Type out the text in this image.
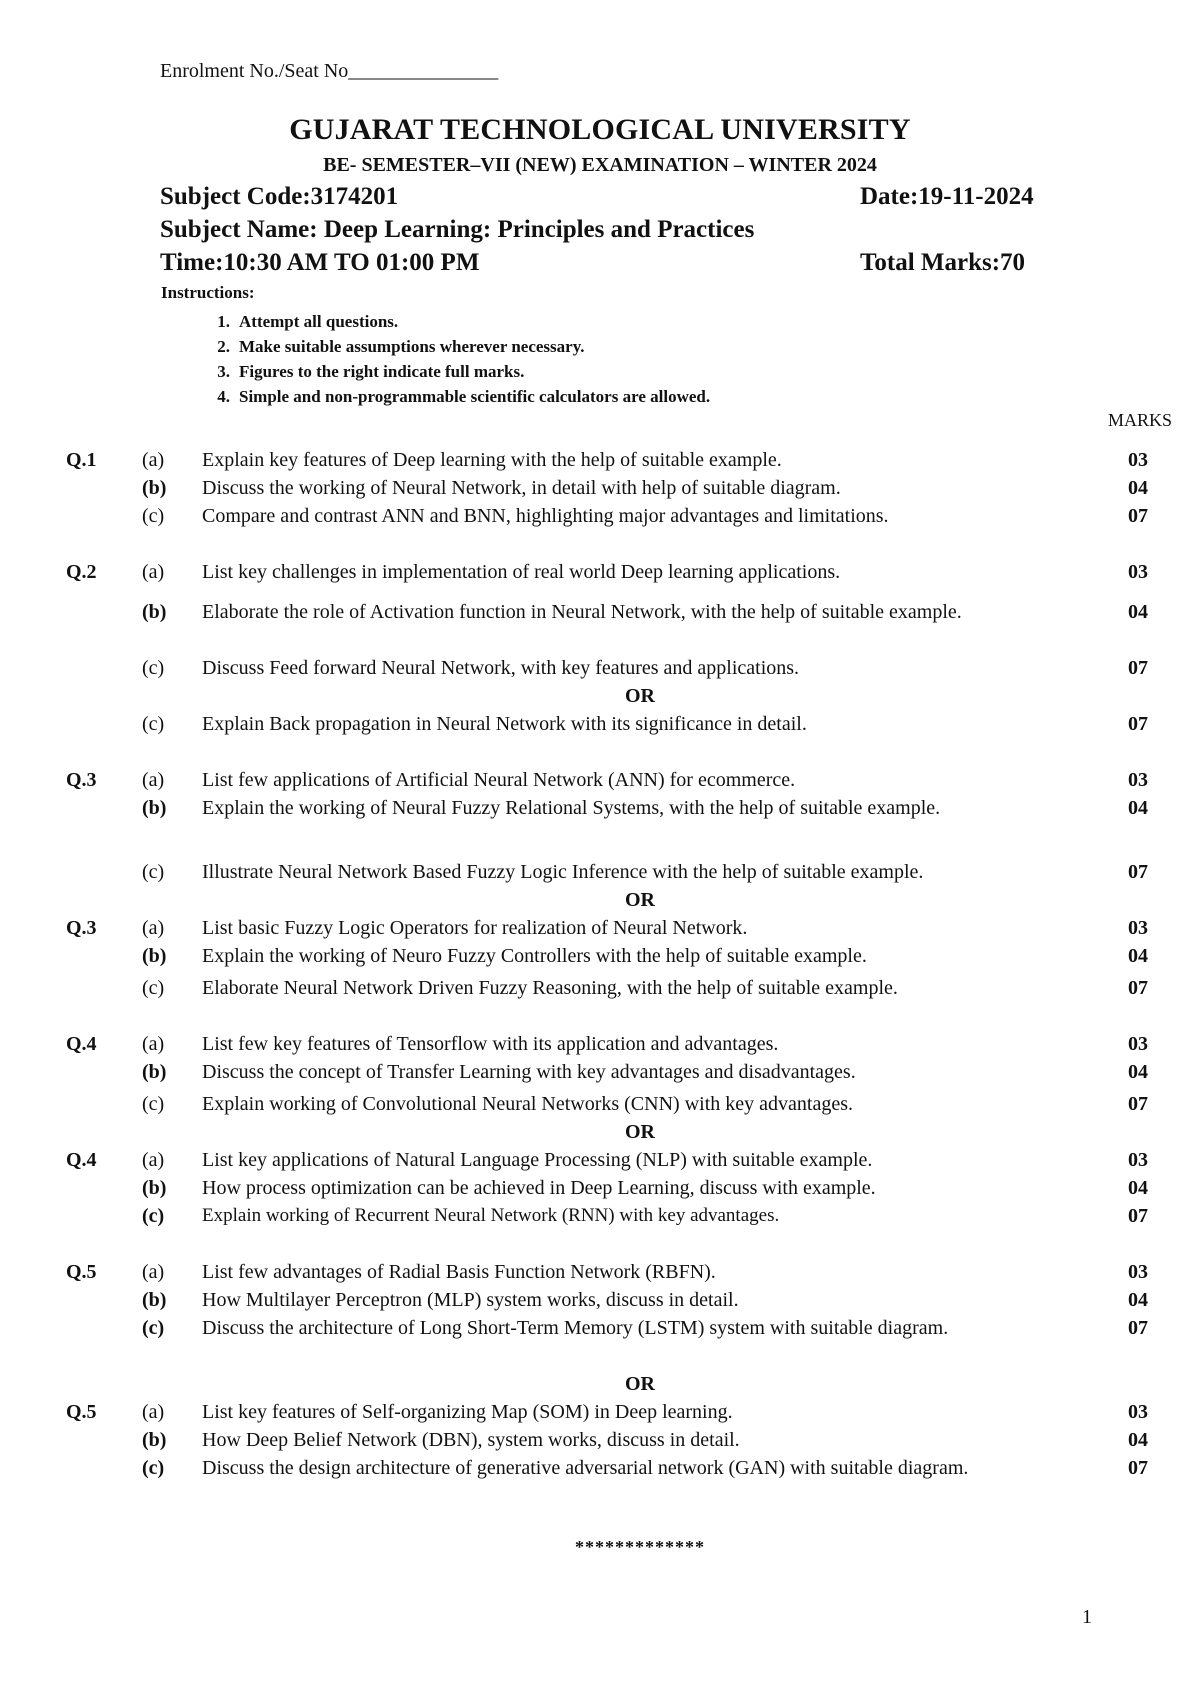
Enrolment No./Seat No_______________
GUJARAT TECHNOLOGICAL UNIVERSITY
BE- SEMESTER–VII (NEW) EXAMINATION – WINTER 2024
Subject Code:3174201	Date:19-11-2024
Subject Name: Deep Learning: Principles and Practices
Time:10:30 AM TO 01:00 PM	Total Marks:70
Instructions:
1. Attempt all questions.
2. Make suitable assumptions wherever necessary.
3. Figures to the right indicate full marks.
4. Simple and non-programmable scientific calculators are allowed.
MARKS
Q.1	(a)	Explain key features of Deep learning with the help of suitable example.	03
(b)	Discuss the working of Neural Network, in detail with help of suitable diagram.	04
(c)	Compare and contrast ANN and BNN, highlighting major advantages and limitations.	07
Q.2	(a)	List key challenges in implementation of real world Deep learning applications.	03
(b)	Elaborate the role of Activation function in Neural Network, with the help of suitable example.	04
(c)	Discuss Feed forward Neural Network, with key features and applications.	07
OR
(c)	Explain Back propagation in Neural Network with its significance in detail.	07
Q.3	(a)	List few applications of Artificial Neural Network (ANN) for ecommerce.	03
(b)	Explain the working of Neural Fuzzy Relational Systems, with the help of suitable example.	04
(c)	Illustrate Neural Network Based Fuzzy Logic Inference with the help of suitable example.	07
OR
Q.3	(a)	List basic Fuzzy Logic Operators for realization of Neural Network.	03
(b)	Explain the working of Neuro Fuzzy Controllers with the help of suitable example.	04
(c)	Elaborate Neural Network Driven Fuzzy Reasoning, with the help of suitable example.	07
Q.4	(a)	List few key features of Tensorflow with its application and advantages.	03
(b)	Discuss the concept of Transfer Learning with key advantages and disadvantages.	04
(c)	Explain working of Convolutional Neural Networks (CNN) with key advantages.	07
OR
Q.4	(a)	List key applications of Natural Language Processing (NLP) with suitable example.	03
(b)	How process optimization can be achieved in Deep Learning, discuss with example.	04
(c)	Explain working of Recurrent Neural Network (RNN) with key advantages.	07
Q.5	(a)	List few advantages of Radial Basis Function Network (RBFN).	03
(b)	How Multilayer Perceptron (MLP) system works, discuss in detail.	04
(c)	Discuss the architecture of Long Short-Term Memory (LSTM) system with suitable diagram.	07
OR
Q.5	(a)	List key features of Self-organizing Map (SOM) in Deep learning.	03
(b)	How Deep Belief Network (DBN), system works, discuss in detail.	04
(c)	Discuss the design architecture of generative adversarial network (GAN) with suitable diagram.	07
*************
1
